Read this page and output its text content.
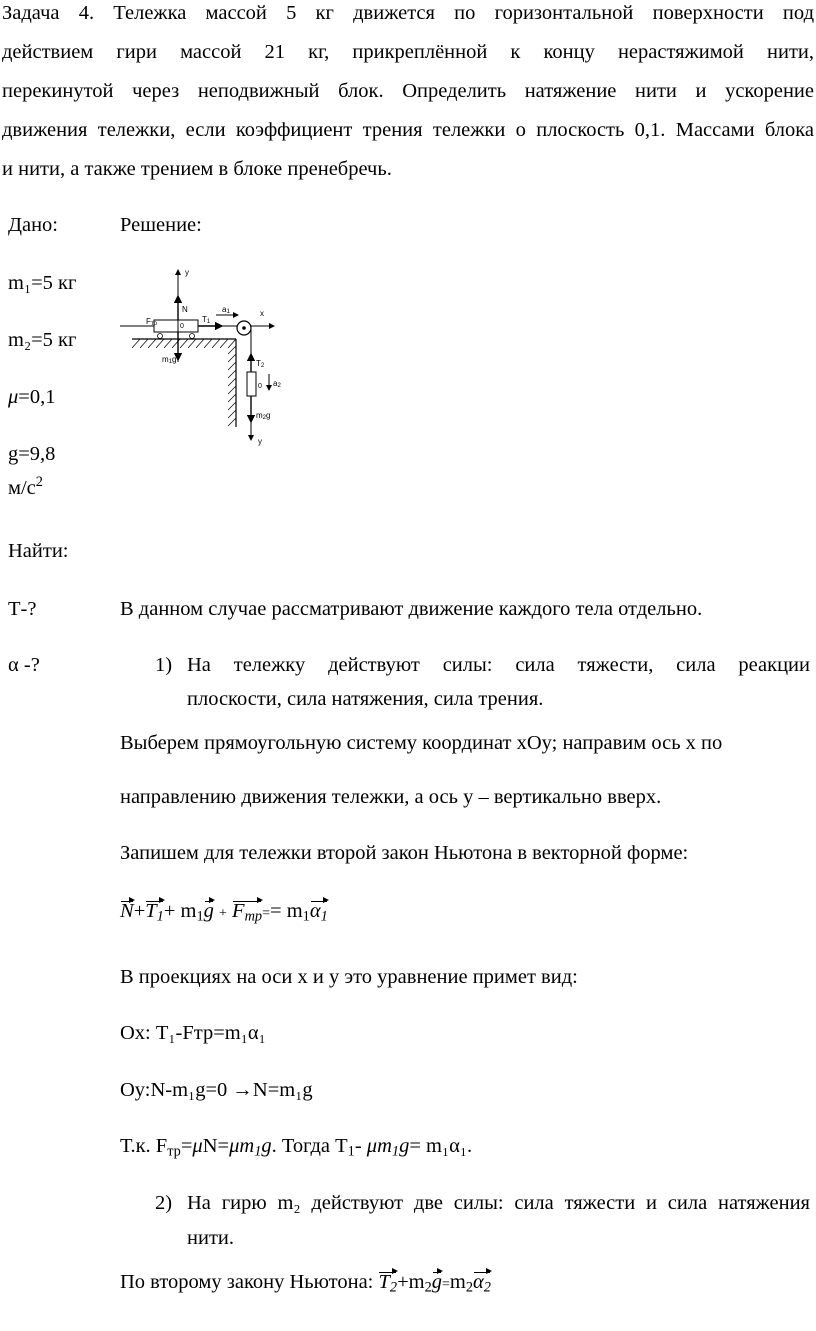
Задача 4. Тележка массой 5 кг движется по горизонтальной поверхности под
действием гири массой 21 кг, прикреплённой к концу нерастяжимой нити,
перекинутой через неподвижный блок. Определить натяжение нити и ускорение
движения тележки, если коэффициент трения тележки о плоскость 0,1. Массами блока
и нити, а также трением в блоке пренебречь.
Дано:
m₁=5 кг
m₂=5 кг
μ=0,1
g=9,8
$м/с^2$
Найти:
Т-?
α -?
Решение:
x
0
y
N
Fтр	T1
a1
m1g
0
T2
a2
m2g
y
В данном случае рассматривают движение каждого тела отдельно.
1) На тележку действуют силы: сила тяжести, сила реакции
плоскости, сила натяжения, сила трения.
Выберем прямоугольную систему координат хОу; направим ось х по
направлению движения тележки, а ось у – вертикально вверх.
Запишем для тележки второй закон Ньютона в векторной форме:
$N+T_1+ m_1g + F_{тр}== m_1\alpha_1$
В проекциях на оси х и у это уравнение примет вид:
Ох: Т₁-Fтр=m₁α₁
Оу:N-m₁g=0 →N=m₁g
Т.к. $F_{тр}=\mu N=\mu m_1g$. Тогда $Т_1-$ $\mu m_1g= m_1\alpha_1$.
2) На гирю m₂ действуют две силы: сила тяжести и сила натяжения
нити.
По второму закону Ньютона: $T_2+m_2g=m_2\alpha_2$
